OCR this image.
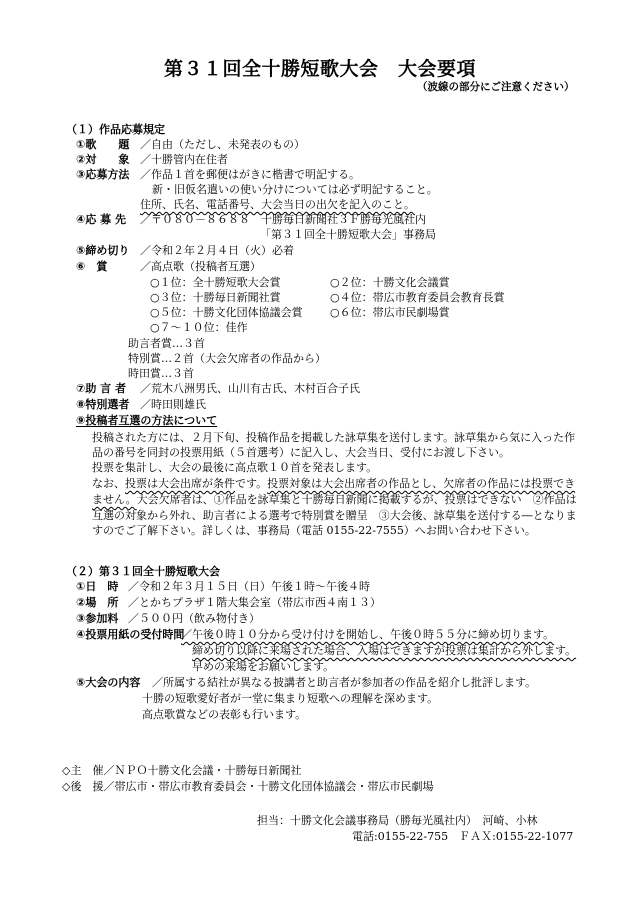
第３１回全十勝短歌大会　大会要項
（波線の部分にご注意ください）
（１）作品応募規定
①歌　　題 ／自由（ただし、未発表のもの）
②対　　象 ／十勝管内在住者
③応募方法 ／作品１首を郵便はがきに楷書で明記する。
新・旧仮名遣いの使い分けについては必ず明記すること。
住所、氏名、電話番号、大会当日の出欠を記入のこと。
④応 募 先 ／〒０８０－８６８８　十勝毎日新聞社３Ｆ勝毎光風社内
「第３１回全十勝短歌大会」事務局
⑤締め切り ／令和２年２月４日（火）必着
⑥　賞	／高点歌（投稿者互選）
○１位：全十勝短歌大会賞	○２位：十勝文化会議賞
○３位：十勝毎日新聞社賞	○４位：帯広市教育委員会教育長賞
○５位：十勝文化団体協議会賞 ○６位：帯広市民劇場賞
○７～１０位：佳作
助言者賞…３首
特別賞…２首（大会欠席者の作品から）
時田賞…３首
⑦助 言 者 ／荒木八洲男氏、山川有古氏、木村百合子氏
⑧特別選者 ／時田則雄氏
⑨投稿者互選の方法について
投稿された方には、２月下旬、投稿作品を掲載した詠草集を送付します。詠草集から気に入った作
品の番号を同封の投票用紙（５首選考）に記入し、大会当日、受付にお渡し下さい。
投票を集計し、大会の最後に高点歌１０首を発表します。
なお、投票は大会出席が条件です。投票対象は大会出席者の作品とし、欠席者の作品には投票でき
ません。大会欠席者は、①作品を詠草集と十勝毎日新聞に掲載するが、投票はできない　②作品は
互選の対象から外れ、助言者による選考で特別賞を贈呈　③大会後、詠草集を送付する―となりま
すのでご了解下さい。詳しくは、事務局（電話 0155-22-7555）へお問い合わせ下さい。
（２）第３１回全十勝短歌大会
①日　時 ／令和２年３月１５日（日）午後１時～午後４時
②場　所 ／とかちプラザ１階大集会室（帯広市西４南１３）
③参加料 ／５００円（飲み物付き）
④投票用紙の受付時間
／午後０時１０分から受け付けを開始し、午後０時５５分に締め切ります。
締め切り以降に来場された場合、入場はできますが投票は集計から外します。
早めの来場をお願いします。
⑤大会の内容 ／所属する結社が異なる披講者と助言者が参加者の作品を紹介し批評します。
十勝の短歌愛好者が一堂に集まり短歌への理解を深めます。
高点歌賞などの表彰も行います。
◇主　催／ＮＰＯ十勝文化会議・十勝毎日新聞社
◇後　援／帯広市・帯広市教育委員会・十勝文化団体協議会・帯広市民劇場
担当：十勝文化会議事務局（勝毎光風社内）　河崎、小林
電話:0155-22-755　ＦＡＸ:0155-22-1077
